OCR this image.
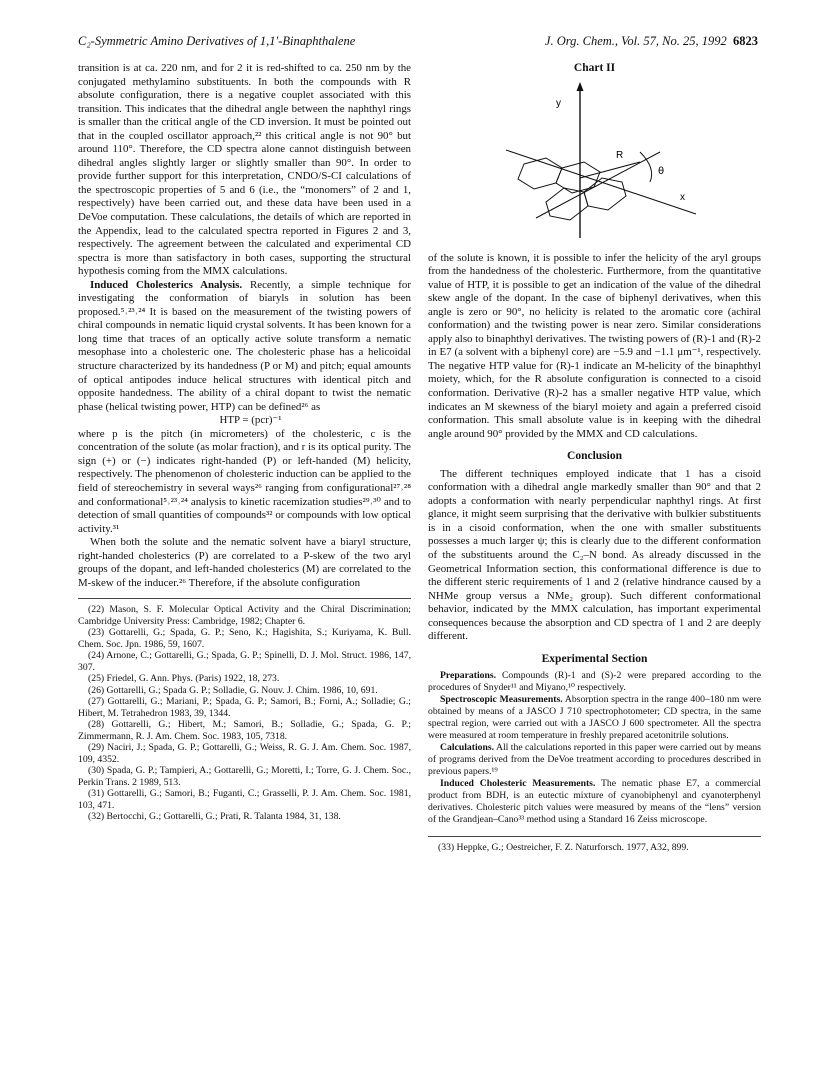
C₂-Symmetric Amino Derivatives of 1,1′-Binaphthalene	J. Org. Chem., Vol. 57, No. 25, 1992 6823

transition is at ca. 220 nm, and for 2 it is red-shifted to ca. 250 nm by the conjugated methylamino substituents. In both the compounds with R absolute configuration, there is a negative couplet associated with this transition. This indicates that the dihedral angle between the naphthyl rings is smaller than the critical angle of the CD inversion. It must be pointed out that in the coupled oscillator approach,²² this critical angle is not 90° but around 110°. Therefore, the CD spectra alone cannot distinguish between dihedral angles slightly larger or slightly smaller than 90°. In order to provide further support for this interpretation, CNDO/S-CI calculations of the spectroscopic properties of 5 and 6 (i.e., the “monomers” of 2 and 1, respectively) have been carried out, and these data have been used in a DeVoe computation. These calculations, the details of which are reported in the Appendix, lead to the calculated spectra reported in Figures 2 and 3, respectively. The agreement between the calculated and experimental CD spectra is more than satisfactory in both cases, supporting the structural hypothesis coming from the MMX calculations.

Induced Cholesterics Analysis. Recently, a simple technique for investigating the conformation of biaryls in solution has been proposed.⁵˒²³˒²⁴ It is based on the measurement of the twisting powers of chiral compounds in nematic liquid crystal solvents. It has been known for a long time that traces of an optically active solute transform a nematic mesophase into a cholesteric one. The cholesteric phase has a helicoidal structure characterized by its handedness (P or M) and pitch; equal amounts of optical antipodes induce helical structures with identical pitch and opposite handedness. The ability of a chiral dopant to twist the nematic phase (helical twisting power, HTP) can be defined²⁶ as

HTP = (pcr)⁻¹

where p is the pitch (in micrometers) of the cholesteric, c is the concentration of the solute (as molar fraction), and r is its optical purity. The sign (+) or (−) indicates right-handed (P) or left-handed (M) helicity, respectively. The phenomenon of cholesteric induction can be applied to the field of stereochemistry in several ways²⁶ ranging from configurational²⁷˒²⁸ and conformational⁵˒²³˒²⁴ analysis to kinetic racemization studies²⁹˒³⁰ and to detection of small quantities of compounds³² or compounds with low optical activity.³¹

When both the solute and the nematic solvent have a biaryl structure, right-handed cholesterics (P) are correlated to a P-skew of the two aryl groups of the dopant, and left-handed cholesterics (M) are correlated to the M-skew of the inducer.²⁶ Therefore, if the absolute configuration

(22) Mason, S. F. Molecular Optical Activity and the Chiral Discrimination; Cambridge University Press: Cambridge, 1982; Chapter 6.

(23) Gottarelli, G.; Spada, G. P.; Seno, K.; Hagishita, S.; Kuriyama, K. Bull. Chem. Soc. Jpn. 1986, 59, 1607.

(24) Arnone, C.; Gottarelli, G.; Spada, G. P.; Spinelli, D. J. Mol. Struct. 1986, 147, 307.

(25) Friedel, G. Ann. Phys. (Paris) 1922, 18, 273.

(26) Gottarelli, G.; Spada G. P.; Solladie, G. Nouv. J. Chim. 1986, 10, 691.

(27) Gottarelli, G.; Mariani, P.; Spada, G. P.; Samori, B.; Forni, A.; Solladie; G.; Hibert, M. Tetrahedron 1983, 39, 1344.

(28) Gottarelli, G.; Hibert, M.; Samori, B.; Solladie, G.; Spada, G. P.; Zimmermann, R. J. Am. Chem. Soc. 1983, 105, 7318.

(29) Naciri, J.; Spada, G. P.; Gottarelli, G.; Weiss, R. G. J. Am. Chem. Soc. 1987, 109, 4352.

(30) Spada, G. P.; Tampieri, A.; Gottarelli, G.; Moretti, I.; Torre, G. J. Chem. Soc., Perkin Trans. 2 1989, 513.

(31) Gottarelli, G.; Samori, B.; Fuganti, C.; Grasselli, P. J. Am. Chem. Soc. 1981, 103, 471.

(32) Bertocchi, G.; Gottarelli, G.; Prati, R. Talanta 1984, 31, 138.

Chart II
y
x
R
θ

of the solute is known, it is possible to infer the helicity of the aryl groups from the handedness of the cholesteric. Furthermore, from the quantitative value of HTP, it is possible to get an indication of the value of the dihedral skew angle of the dopant. In the case of biphenyl derivatives, when this angle is zero or 90°, no helicity is related to the aromatic core (achiral conformation) and the twisting power is near zero. Similar considerations apply also to binaphthyl derivatives. The twisting powers of (R)-1 and (R)-2 in E7 (a solvent with a biphenyl core) are −5.9 and −1.1 μm⁻¹, respectively. The negative HTP value for (R)-1 indicate an M-helicity of the binaphthyl moiety, which, for the R absolute configuration is connected to a cisoid conformation. Derivative (R)-2 has a smaller negative HTP value, which indicates an M skewness of the biaryl moiety and again a preferred cisoid conformation. This small absolute value is in keeping with the dihedral angle around 90° provided by the MMX and CD calculations.

Conclusion

The different techniques employed indicate that 1 has a cisoid conformation with a dihedral angle markedly smaller than 90° and that 2 adopts a conformation with nearly perpendicular naphthyl rings. At first glance, it might seem surprising that the derivative with bulkier substituents is in a cisoid conformation, when the one with smaller substituents possesses a much larger ψ; this is clearly due to the different conformation of the substituents around the C₂–N bond. As already discussed in the Geometrical Information section, this conformational difference is due to the different steric requirements of 1 and 2 (relative hindrance caused by a NHMe group versus a NMe₂ group). Such different conformational behavior, indicated by the MMX calculation, has important experimental consequences because the absorption and CD spectra of 1 and 2 are deeply different.

Experimental Section

Preparations. Compounds (R)-1 and (S)-2 were prepared according to the procedures of Snyder¹¹ and Miyano,¹⁰ respectively.

Spectroscopic Measurements. Absorption spectra in the range 400–180 nm were obtained by means of a JASCO J 710 spectrophotometer; CD spectra, in the same spectral region, were carried out with a JASCO J 600 spectrometer. All the spectra were measured at room temperature in freshly prepared acetonitrile solutions.

Calculations. All the calculations reported in this paper were carried out by means of programs derived from the DeVoe treatment according to procedures described in previous papers.¹⁹

Induced Cholesteric Measurements. The nematic phase E7, a commercial product from BDH, is an eutectic mixture of cyanobiphenyl and cyanoterphenyl derivatives. Cholesteric pitch values were measured by means of the “lens” version of the Grandjean–Cano³³ method using a Standard 16 Zeiss microscope.

(33) Heppke, G.; Oestreicher, F. Z. Naturforsch. 1977, A32, 899.
